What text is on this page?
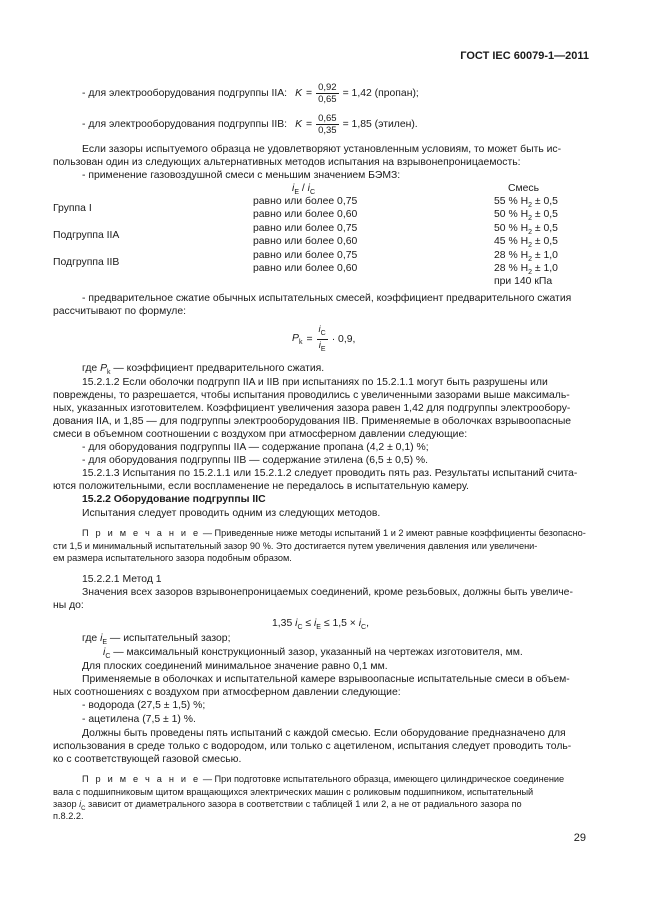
ГОСТ IEC 60079-1—2011
- для электрооборудования подгруппы IIA: $K = \frac{0,92}{0,65} = 1,42$ (пропан);
- для электрооборудования подгруппы IIB: $K = \frac{0,65}{0,35} = 1,85$ (этилен).
Если зазоры испытуемого образца не удовлетворяют установленным условиям, то может быть ис-
пользован один из следующих альтернативных методов испытания на взрывонепроницаемость:
- применение газовоздушной смеси с меньшим значением БЭМЗ:
$i_E / i_C$	Смесь
Группа I
Подгруппа IIA
Подгруппа IIB
равно или более 0,75
равно или более 0,60
равно или более 0,75
равно или более 0,60
равно или более 0,75
равно или более 0,60
55 % $H_2 \pm 0,5$
50 % $H_2 \pm 0,5$
50 % $H_2 \pm 0,5$
45 % $H_2 \pm 0,5$
28 % $H_2 \pm 1,0$
28 % $H_2 \pm 1,0$
при 140 кПа
- предварительное сжатие обычных испытательных смесей, коэффициент предварительного сжатия
рассчитывают по формуле:
$P_k = \frac{i_C}{i_E} \cdot 0,9$,
где $P_k$ — коэффициент предварительного сжатия.
15.2.1.2 Если оболочки подгрупп IIA и IIB при испытаниях по 15.2.1.1 могут быть разрушены или
повреждены, то разрешается, чтобы испытания проводились с увеличенными зазорами выше максималь-
ных, указанных изготовителем. Коэффициент увеличения зазора равен 1,42 для подгруппы электрообору-
дования IIA, и 1,85 — для подгруппы электрооборудования IIB. Применяемые в оболочках взрывоопасные
смеси в объемном соотношении с воздухом при атмосферном давлении следующие:
- для оборудования подгруппы IIA — содержание пропана (4,2 ± 0,1) %;
- для оборудования подгруппы IIB — содержание этилена (6,5 ± 0,5) %.
15.2.1.3 Испытания по 15.2.1.1 или 15.2.1.2 следует проводить пять раз. Результаты испытаний счита-
ются положительными, если воспламенение не передалось в испытательную камеру.
15.2.2 Оборудование подгруппы IIC
Испытания следует проводить одним из следующих методов.
П р и м е ч а н и е — Приведенные ниже методы испытаний 1 и 2 имеют равные коэффициенты безопасно-
сти 1,5 и минимальный испытательный зазор 90 %. Это достигается путем увеличения давления или увеличени-
ем размера испытательного зазора подобным образом.
15.2.2.1 Метод 1
Значения всех зазоров взрывонепроницаемых соединений, кроме резьбовых, должны быть увеличе-
ны до:
1,35 $i_C \le i_E \le 1,5 \times i_C$,
где $i_E$ — испытательный зазор;
$i_C$ — максимальный конструкционный зазор, указанный на чертежах изготовителя, мм.
Для плоских соединений минимальное значение равно 0,1 мм.
Применяемые в оболочках и испытательной камере взрывоопасные испытательные смеси в объем-
ных соотношениях с воздухом при атмосферном давлении следующие:
- водорода (27,5 ± 1,5) %;
- ацетилена (7,5 ± 1) %.
Должны быть проведены пять испытаний с каждой смесью. Если оборудование предназначено для
использования в среде только с водородом, или только с ацетиленом, испытания следует проводить толь-
ко с соответствующей газовой смесью.
П р и м е ч а н и е — При подготовке испытательного образца, имеющего цилиндрическое соединение
вала с подшипниковым щитом вращающихся электрических машин с роликовым подшипником, испытательный
зазор $i_C$ зависит от диаметрального зазора в соответствии с таблицей 1 или 2, а не от радиального зазора по
п.8.2.2.
29
